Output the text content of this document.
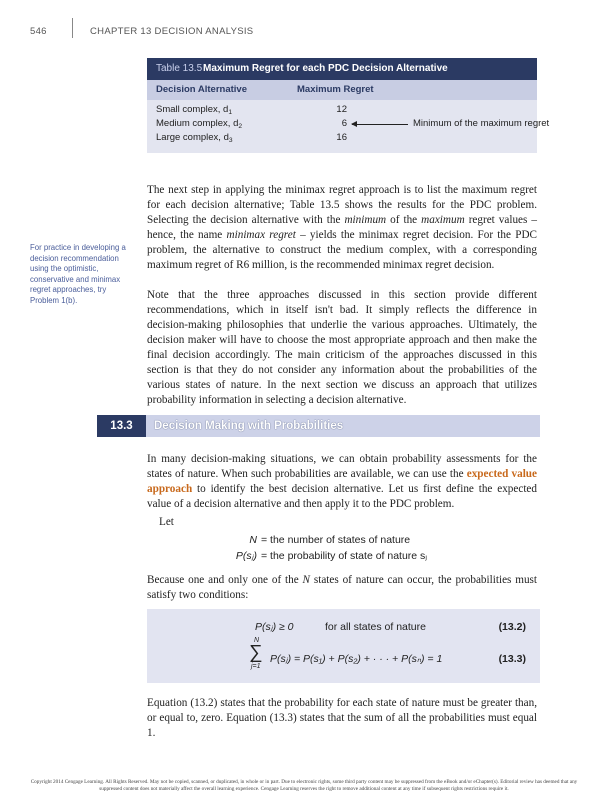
546	CHAPTER 13 DECISION ANALYSIS
Table 13.5 Maximum Regret for each PDC Decision Alternative
Decision Alternative	Maximum Regret
Small complex, $d_1$	12
Medium complex, $d_2$	6	Minimum of the maximum regret
Large complex, $d_3$	16

The next step in applying the minimax regret approach is to list the maximum regret for each decision alternative; Table 13.5 shows the results for the PDC problem. Selecting the decision alternative with the minimum of the maximum regret values – hence, the name minimax regret – yields the minimax regret decision. For the PDC problem, the alternative to construct the medium complex, with a corresponding maximum regret of R6 million, is the recommended minimax regret decision.

For practice in developing a decision recommendation using the optimistic, conservative and minimax regret approaches, try Problem 1(b).	Note that the three approaches discussed in this section provide different recommendations, which in itself isn't bad. It simply reflects the difference in decision-making philosophies that underlie the various approaches. Ultimately, the decision maker will have to choose the most appropriate approach and then make the final decision accordingly. The main criticism of the approaches discussed in this section is that they do not consider any information about the probabilities of the various states of nature. In the next section we discuss an approach that utilizes probability information in selecting a decision alternative.

13.3	Decision Making with Probabilities

In many decision-making situations, we can obtain probability assessments for the states of nature. When such probabilities are available, we can use the expected value approach to identify the best decision alternative. Let us first define the expected value of a decision alternative and then apply it to the PDC problem.

Let

N = the number of states of nature
P(sⱼ) = the probability of state of nature sⱼ

Because one and only one of the N states of nature can occur, the probabilities must satisfy two conditions:

P(sⱼ) ≥ 0	for all states of nature	(13.2)
N
∑
j=1
P(sⱼ) = P(s₁) + P(s₂) + · · · + P(sₙ) = 1	(13.3)

Equation (13.2) states that the probability for each state of nature must be greater than, or equal to, zero. Equation (13.3) states that the sum of all the probabilities must equal 1.

Copyright 2014 Cengage Learning. All Rights Reserved. May not be copied, scanned, or duplicated, in whole or in part. Due to electronic rights, some third party content may be suppressed from the eBook and/or eChapter(s). Editorial review has deemed that any suppressed content does not materially affect the overall learning experience. Cengage Learning reserves the right to remove additional content at any time if subsequent rights restrictions require it.
